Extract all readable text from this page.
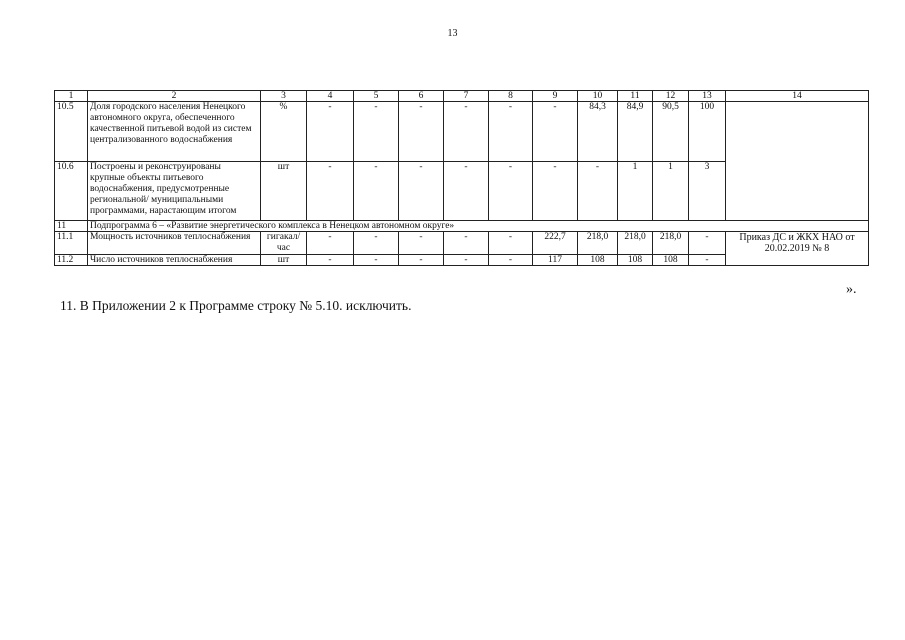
13
1	2	3	4	5	6	7	8	9	10	11	12	13	14
10.5	Доля городского населения Ненецкого автономного округа, обеспеченного качественной питьевой водой из систем централизованного водоснабжения	%	-	-	-	-	-	-	84,3	84,9	90,5	100	
10.6	Построены и реконструированы крупные объекты питьевого водоснабжения, предусмотренные региональной/ муниципальными программами, нарастающим итогом	шт	-	-	-	-	-	-	-	1	1	3	
11	Подпрограмма 6 – «Развитие энергетического комплекса в Ненецком автономном округе»												
11.1	Мощность источников теплоснабжения	гигакал/час	-	-	-	-	-	222,7	218,0	218,0	218,0	-	Приказ ДС и ЖКХ НАО от 20.02.2019 № 8
11.2	Число источников теплоснабжения	шт	-	-	-	-	-	117	108	108	108	-	
».
11. В Приложении 2 к Программе строку № 5.10. исключить.
